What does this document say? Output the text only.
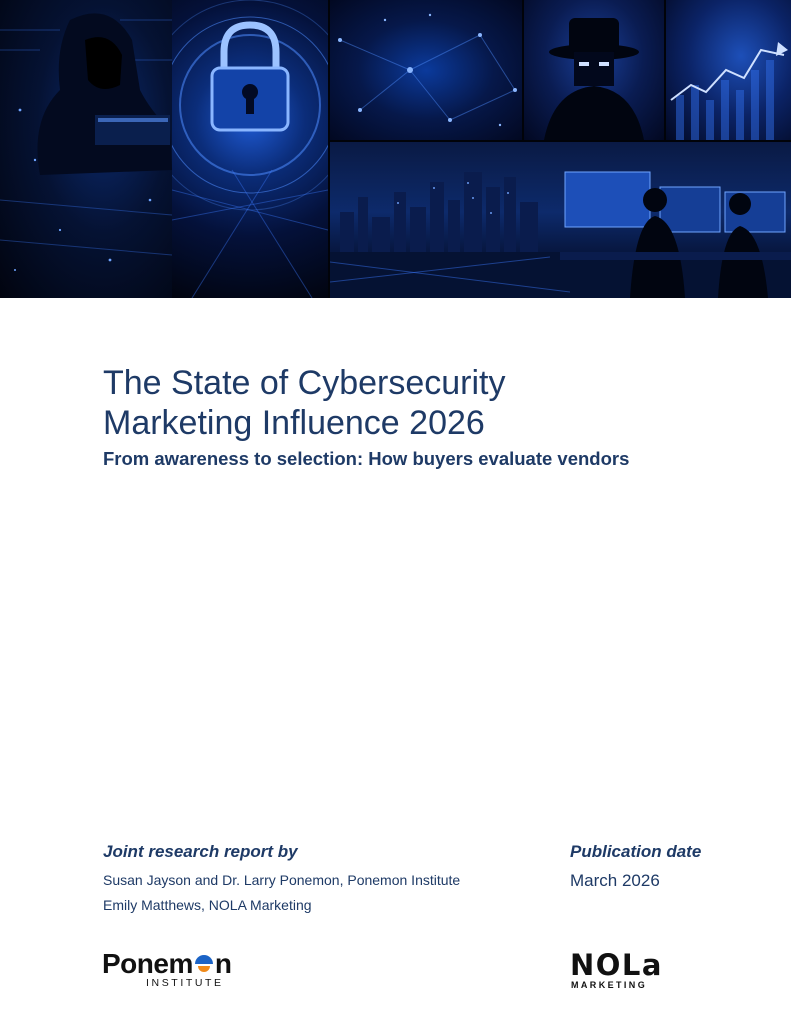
The State of Cybersecurity
Marketing Influence 2026
From awareness to selection: How buyers evaluate vendors
Joint research report by
Susan Jayson and Dr. Larry Ponemon, Ponemon Institute
Emily Matthews, NOLA Marketing
Publication date
March 2026
Ponem n
INSTITUTE
NOLa
MARKETING
